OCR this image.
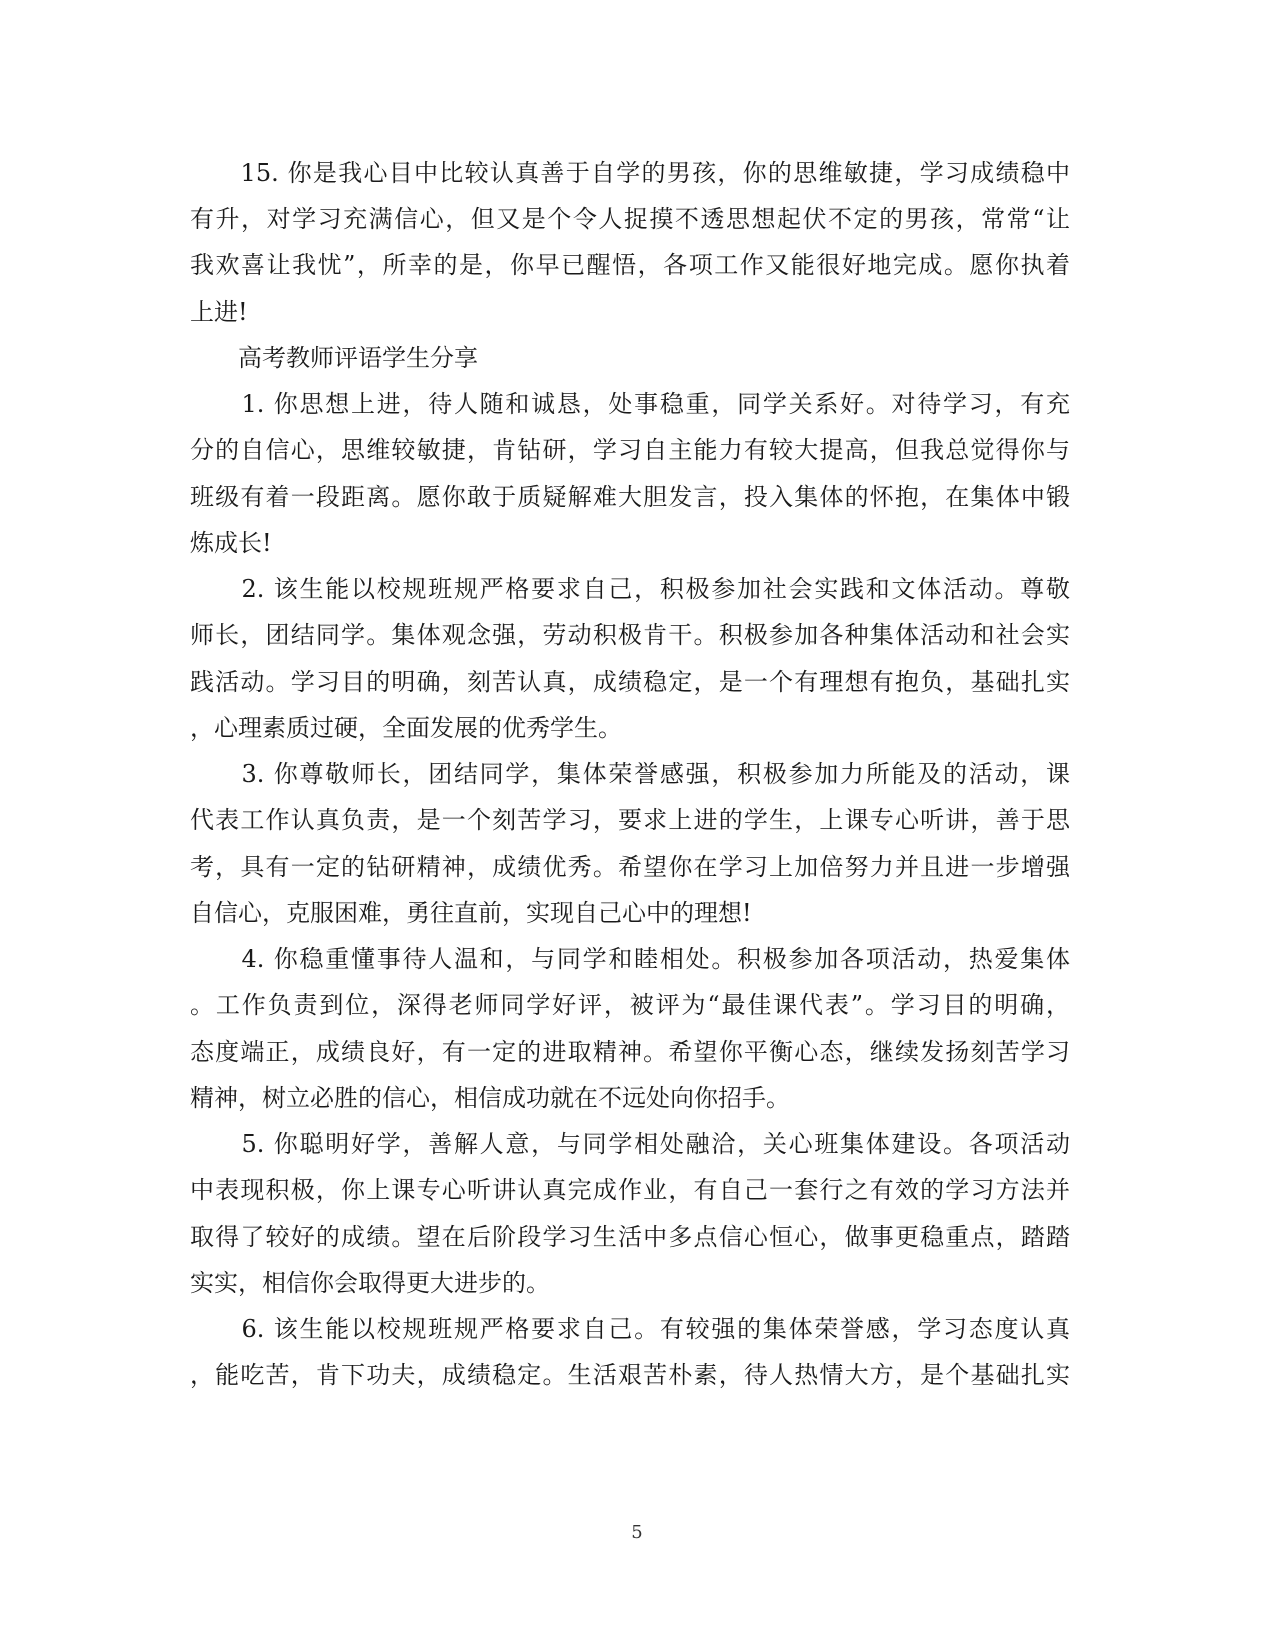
　　15. 你是我心目中比较认真善于自学的男孩，你的思维敏捷，学习成绩稳中
有升，对学习充满信心，但又是个令人捉摸不透思想起伏不定的男孩，常常“让
我欢喜让我忧”，所幸的是，你早已醒悟，各项工作又能很好地完成。愿你执着
上进!
　　高考教师评语学生分享
　　1. 你思想上进，待人随和诚恳，处事稳重，同学关系好。对待学习，有充
分的自信心，思维较敏捷，肯钻研，学习自主能力有较大提高，但我总觉得你与
班级有着一段距离。愿你敢于质疑解难大胆发言，投入集体的怀抱，在集体中锻
炼成长!
　　2. 该生能以校规班规严格要求自己，积极参加社会实践和文体活动。尊敬
师长，团结同学。集体观念强，劳动积极肯干。积极参加各种集体活动和社会实
践活动。学习目的明确，刻苦认真，成绩稳定，是一个有理想有抱负，基础扎实
，心理素质过硬，全面发展的优秀学生。
　　3. 你尊敬师长，团结同学，集体荣誉感强，积极参加力所能及的活动，课
代表工作认真负责，是一个刻苦学习，要求上进的学生，上课专心听讲，善于思
考，具有一定的钻研精神，成绩优秀。希望你在学习上加倍努力并且进一步增强
自信心，克服困难，勇往直前，实现自己心中的理想!
　　4. 你稳重懂事待人温和，与同学和睦相处。积极参加各项活动，热爱集体
。工作负责到位，深得老师同学好评，被评为“最佳课代表”。学习目的明确，
态度端正，成绩良好，有一定的进取精神。希望你平衡心态，继续发扬刻苦学习
精神，树立必胜的信心，相信成功就在不远处向你招手。
　　5. 你聪明好学，善解人意，与同学相处融洽，关心班集体建设。各项活动
中表现积极，你上课专心听讲认真完成作业，有自己一套行之有效的学习方法并
取得了较好的成绩。望在后阶段学习生活中多点信心恒心，做事更稳重点，踏踏
实实，相信你会取得更大进步的。
　　6. 该生能以校规班规严格要求自己。有较强的集体荣誉感，学习态度认真
，能吃苦，肯下功夫，成绩稳定。生活艰苦朴素，待人热情大方，是个基础扎实
5
